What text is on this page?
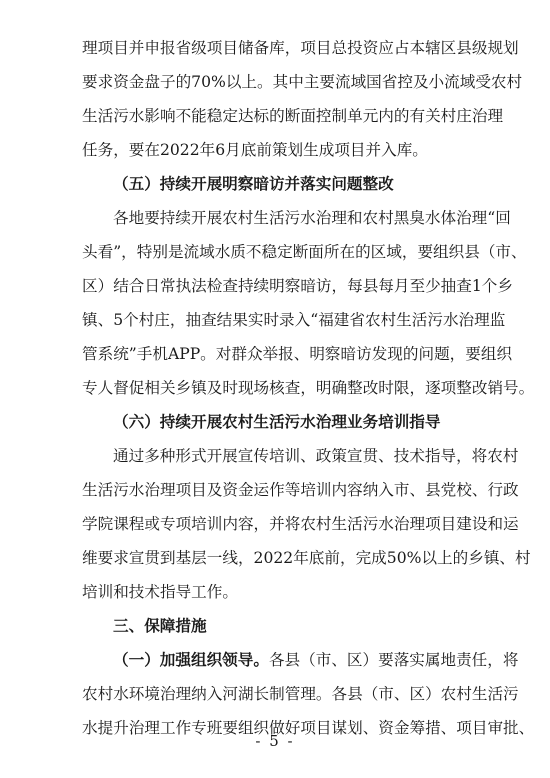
理项目并申报省级项目储备库，项目总投资应占本辖区县级规划
要求资金盘子的70%以上。其中主要流域国省控及小流域受农村
生活污水影响不能稳定达标的断面控制单元内的有关村庄治理
任务，要在2022年6月底前策划生成项目并入库。
（五）持续开展明察暗访并落实问题整改
各地要持续开展农村生活污水治理和农村黑臭水体治理“回
头看”，特别是流域水质不稳定断面所在的区域，要组织县（市、
区）结合日常执法检查持续明察暗访，每县每月至少抽查1个乡
镇、5个村庄，抽查结果实时录入“福建省农村生活污水治理监
管系统”手机APP。对群众举报、明察暗访发现的问题，要组织
专人督促相关乡镇及时现场核查，明确整改时限，逐项整改销号。
（六）持续开展农村生活污水治理业务培训指导
通过多种形式开展宣传培训、政策宣贯、技术指导，将农村
生活污水治理项目及资金运作等培训内容纳入市、县党校、行政
学院课程或专项培训内容，并将农村生活污水治理项目建设和运
维要求宣贯到基层一线，2022年底前，完成50%以上的乡镇、村
培训和技术指导工作。
三、保障措施
（一）加强组织领导。各县（市、区）要落实属地责任，将
农村水环境治理纳入河湖长制管理。各县（市、区）农村生活污
水提升治理工作专班要组织做好项目谋划、资金筹措、项目审批、
- 5 -
